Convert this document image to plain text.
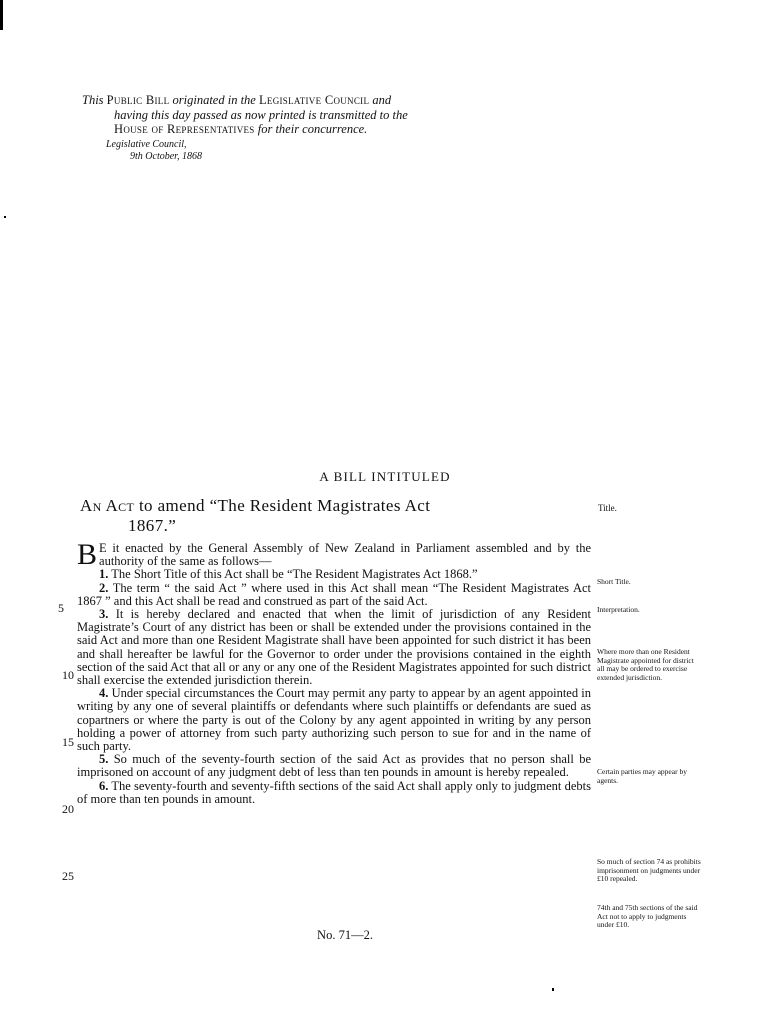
This Public Bill originated in the Legislative Council and
having this day passed as now printed is transmitted to the
House of Representatives for their concurrence.
Legislative Council,
9th October, 1868
A BILL INTITULED
An Act to amend “The Resident Magistrates Act
1867.”
Title.

B E it enacted by the General Assembly of New Zealand in Parliament assembled and by the authority of the same as follows—

1. The Short Title of this Act shall be “The Resident Magistrates Act 1868.”

2. The term “ the said Act ” where used in this Act shall mean “The Resident Magistrates Act 1867 ” and this Act shall be read and construed as part of the said Act.

3. It is hereby declared and enacted that when the limit of jurisdiction of any Resident Magistrate’s Court of any district has been or shall be extended under the provisions contained in the said Act and more than one Resident Magistrate shall have been appointed for such district it has been and shall hereafter be lawful for the Governor to order under the provisions contained in the eighth section of the said Act that all or any or any one of the Resident Magistrates appointed for such district shall exercise the extended jurisdiction therein.

4. Under special circumstances the Court may permit any party to appear by an agent appointed in writing by any one of several plaintiffs or defendants where such plaintiffs or defendants are sued as copartners or where the party is out of the Colony by any agent appointed in writing by any person holding a power of attorney from such party authorizing such person to sue for and in the name of such party.

5. So much of the seventy-fourth section of the said Act as provides that no person shall be imprisoned on account of any judgment debt of less than ten pounds in amount is hereby repealed.

6. The seventy-fourth and seventy-fifth sections of the said Act shall apply only to judgment debts of more than ten pounds in amount.

No. 71—2.
5
10
15
20
25
Short Title.
Interpretation.
Where more than one Resident Magistrate appointed for district all may be ordered to exercise extended jurisdiction.
Certain parties may appear by agents.
So much of section 74 as prohibits imprisonment on judgments under £10 repealed.
74th and 75th sections of the said Act not to apply to judgments under £10.
